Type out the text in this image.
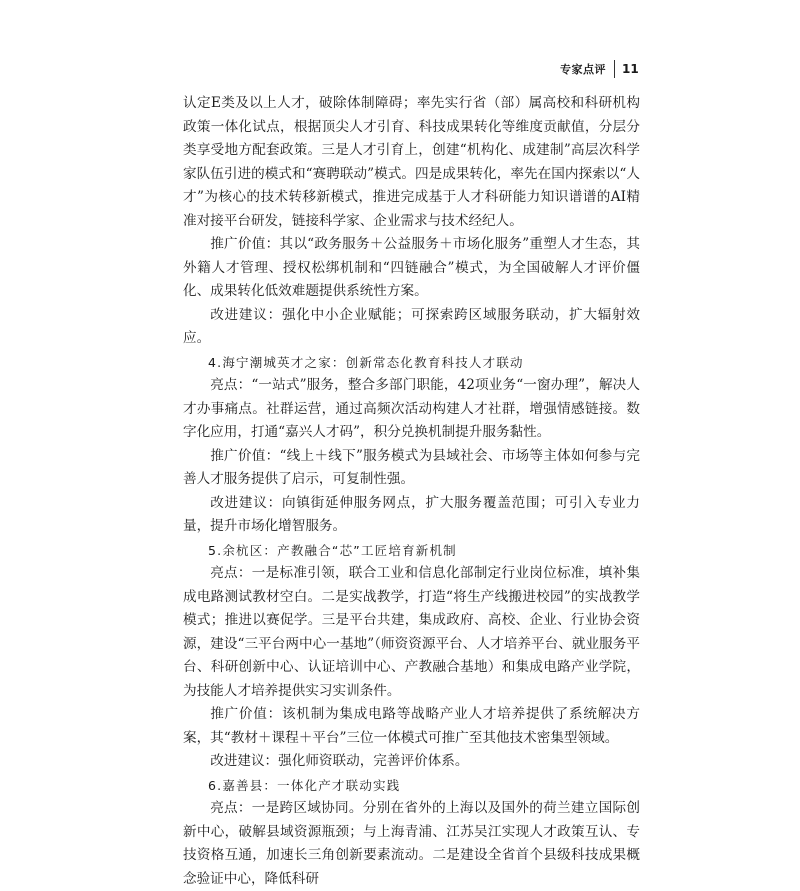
专家点评 11

认定E类及以上人才，破除体制障碍；率先实行省（部）属高校和科研机构政策一体化试点，根据顶尖人才引育、科技成果转化等维度贡献值，分层分类享受地方配套政策。三是人才引育上，创建“机构化、成建制”高层次科学家队伍引进的模式和“赛聘联动”模式。四是成果转化，率先在国内探索以“人才”为核心的技术转移新模式，推进完成基于人才科研能力知识谱谱的AI精准对接平台研发，链接科学家、企业需求与技术经纪人。

推广价值：其以“政务服务＋公益服务＋市场化服务”重塑人才生态，其外籍人才管理、授权松绑机制和“四链融合”模式，为全国破解人才评价僵化、成果转化低效难题提供系统性方案。

改进建议：强化中小企业赋能；可探索跨区域服务联动，扩大辐射效应。

4.海宁潮城英才之家：创新常态化教育科技人才联动

亮点：“一站式”服务，整合多部门职能，42项业务“一窗办理”，解决人才办事痛点。社群运营，通过高频次活动构建人才社群，增强情感链接。数字化应用，打通“嘉兴人才码”，积分兑换机制提升服务黏性。

推广价值：“线上＋线下”服务模式为县域社会、市场等主体如何参与完善人才服务提供了启示，可复制性强。

改进建议：向镇街延伸服务网点，扩大服务覆盖范围；可引入专业力量，提升市场化增智服务。

5.余杭区：产教融合“芯”工匠培育新机制

亮点：一是标准引领，联合工业和信息化部制定行业岗位标准，填补集成电路测试教材空白。二是实战教学，打造“将生产线搬进校园”的实战教学模式；推进以赛促学。三是平台共建，集成政府、高校、企业、行业协会资源，建设“三平台两中心一基地”（师资资源平台、人才培养平台、就业服务平台、科研创新中心、认证培训中心、产教融合基地）和集成电路产业学院，为技能人才培养提供实习实训条件。

推广价值：该机制为集成电路等战略产业人才培养提供了系统解决方案，其“教材＋课程＋平台”三位一体模式可推广至其他技术密集型领域。

改进建议：强化师资联动，完善评价体系。

6.嘉善县：一体化产才联动实践

亮点：一是跨区域协同。分别在省外的上海以及国外的荷兰建立国际创新中心，破解县域资源瓶颈；与上海青浦、江苏吴江实现人才政策互认、专技资格互通，加速长三角创新要素流动。二是建设全省首个县级科技成果概念验证中心，降低科研
